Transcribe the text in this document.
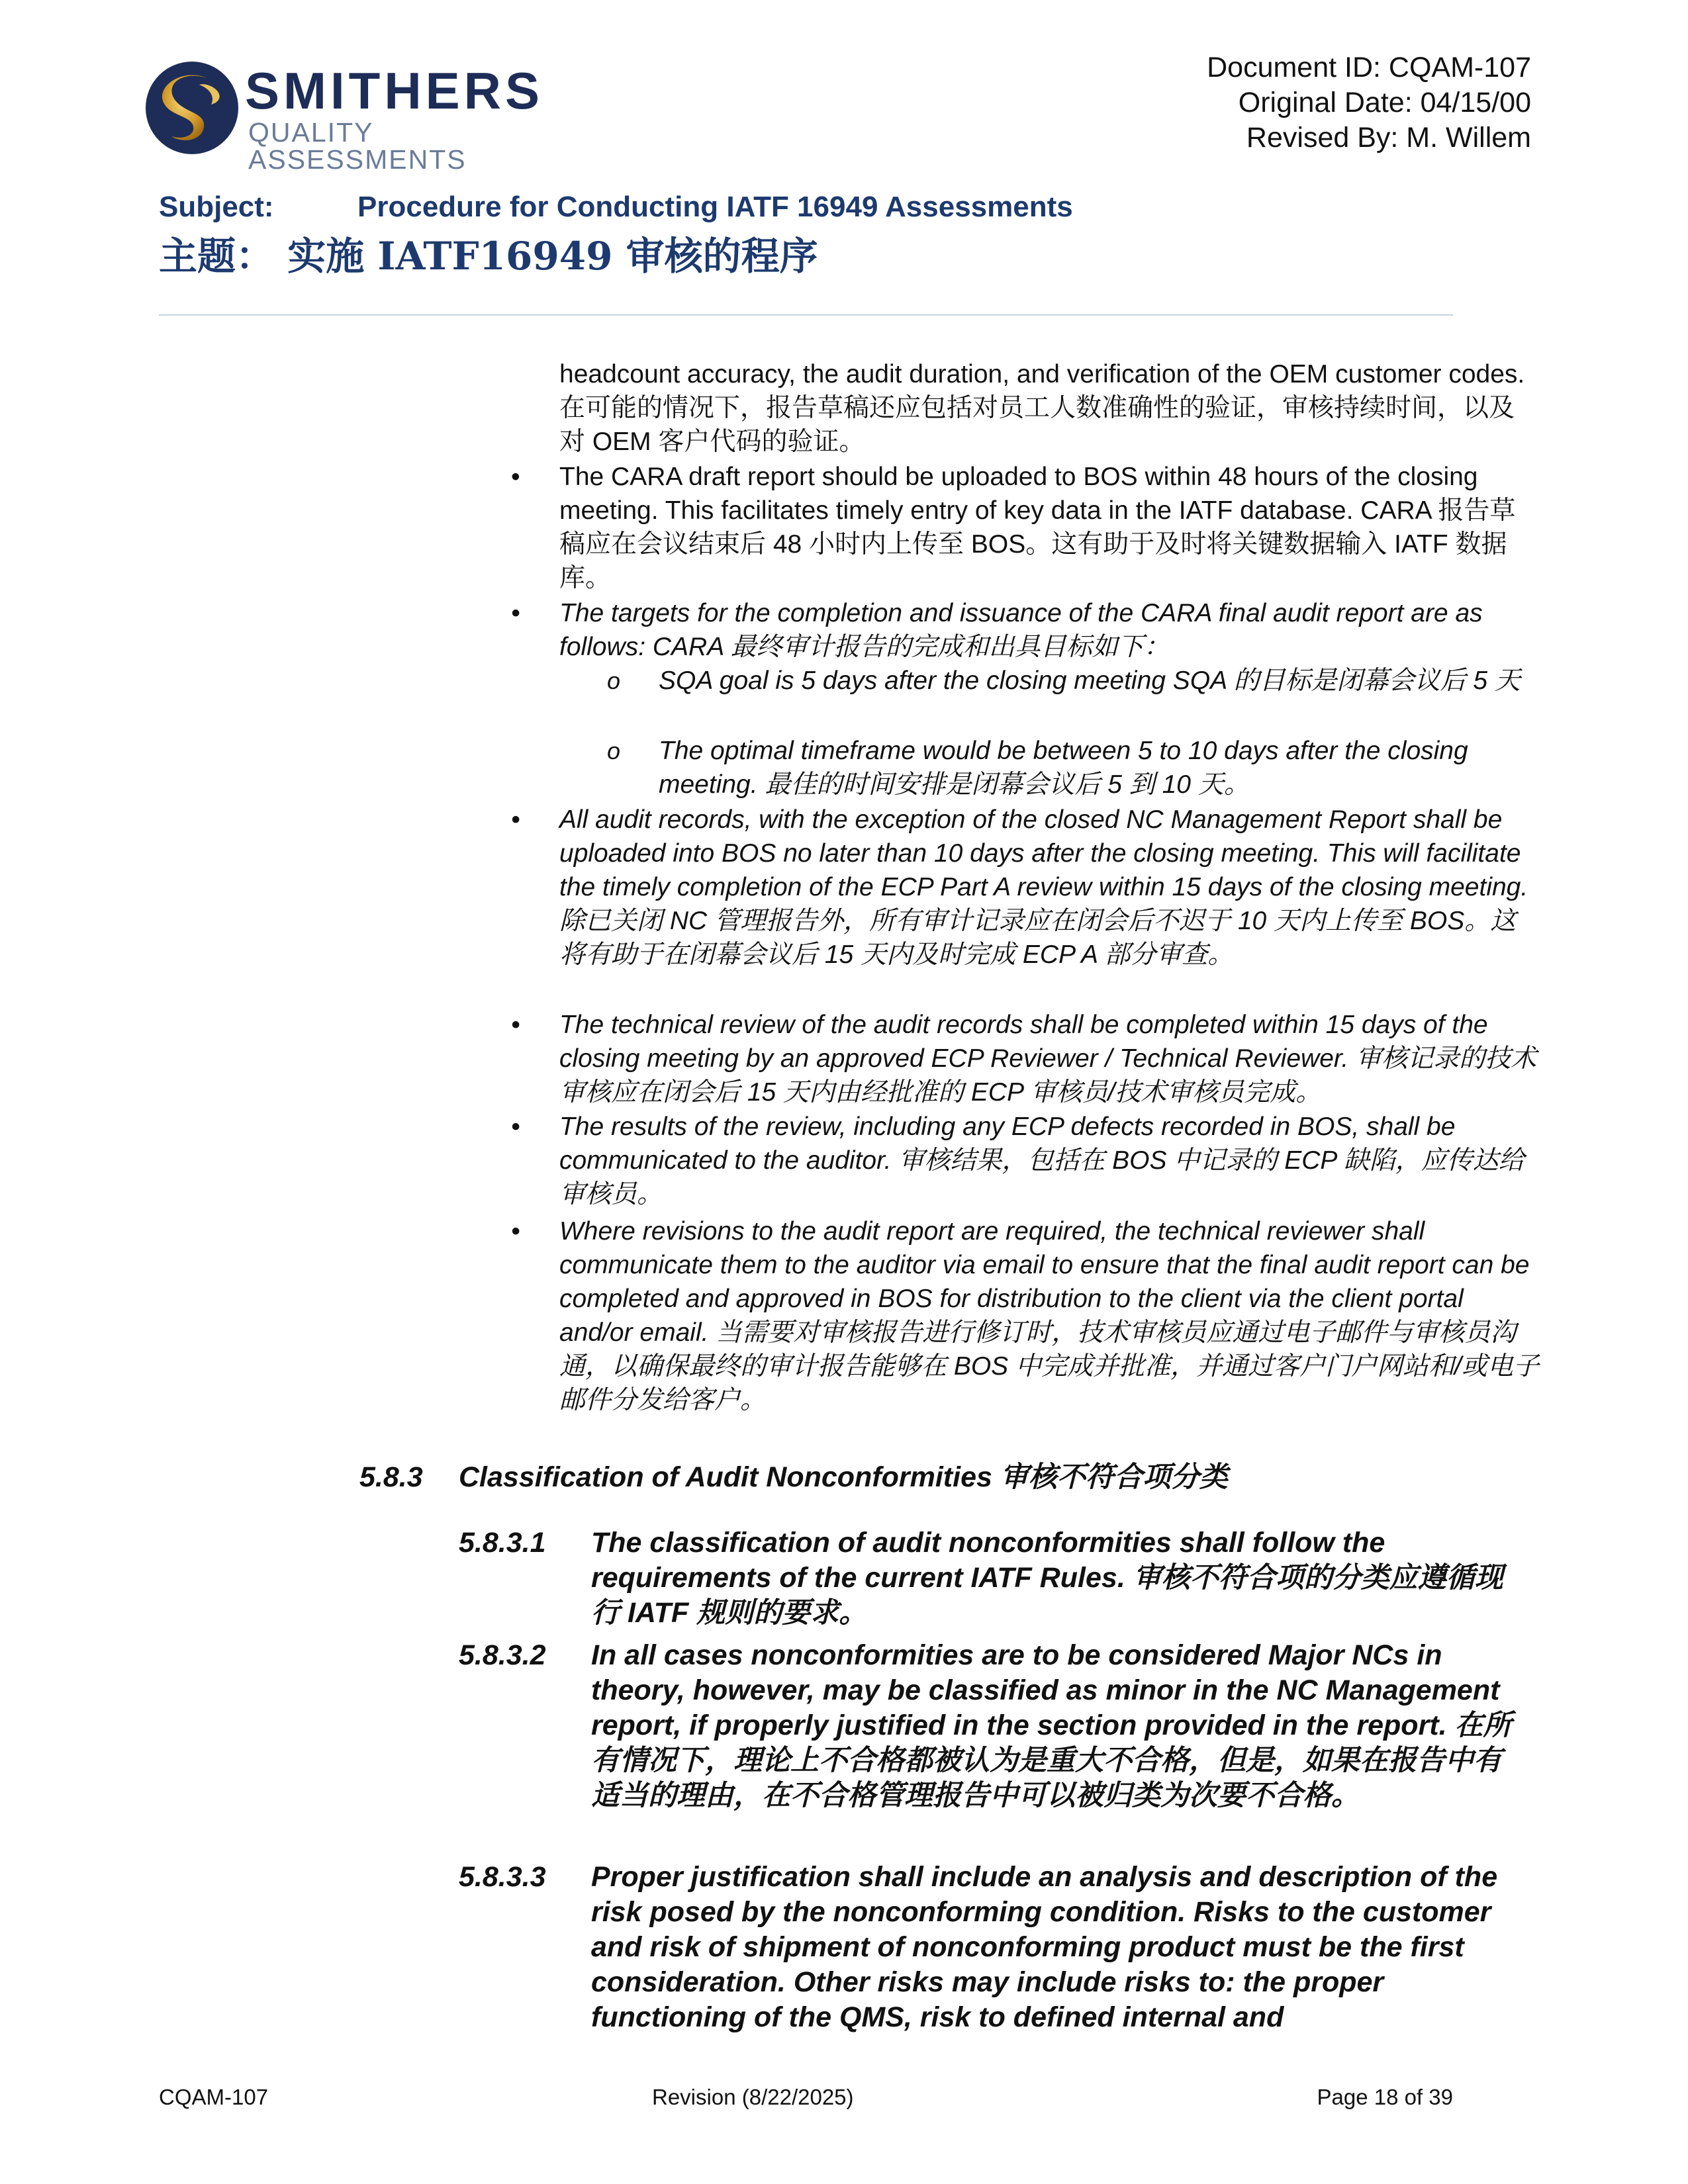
SMITHERS
QUALITY ASSESSMENTS
Document ID: CQAM-107
Original Date: 04/15/00
Revised By: M. Willem
Subject:	Procedure for Conducting IATF 16949 Assessments
主题： 实施 IATF16949 审核的程序
headcount accuracy, the audit duration, and verification of the OEM customer codes. 在可能的情况下，报告草稿还应包括对员工人数准确性的验证，审核持续时间，以及对 OEM 客户代码的验证。
• The CARA draft report should be uploaded to BOS within 48 hours of the closing meeting. This facilitates timely entry of key data in the IATF database. CARA 报告草稿应在会议结束后 48 小时内上传至 BOS。这有助于及时将关键数据输入 IATF 数据库。
• The targets for the completion and issuance of the CARA final audit report are as follows: CARA 最终审计报告的完成和出具目标如下：
o SQA goal is 5 days after the closing meeting SQA 的目标是闭幕会议后 5 天
o The optimal timeframe would be between 5 to 10 days after the closing meeting. 最佳的时间安排是闭幕会议后 5 到 10 天。
• All audit records, with the exception of the closed NC Management Report shall be uploaded into BOS no later than 10 days after the closing meeting. This will facilitate the timely completion of the ECP Part A review within 15 days of the closing meeting. 除已关闭 NC 管理报告外，所有审计记录应在闭会后不迟于 10 天内上传至 BOS。这将有助于在闭幕会议后 15 天内及时完成 ECP A 部分审查。
• The technical review of the audit records shall be completed within 15 days of the closing meeting by an approved ECP Reviewer / Technical Reviewer. 审核记录的技术审核应在闭会后 15 天内由经批准的 ECP 审核员/技术审核员完成。
• The results of the review, including any ECP defects recorded in BOS, shall be communicated to the auditor. 审核结果，包括在 BOS 中记录的 ECP 缺陷，应传达给审核员。
• Where revisions to the audit report are required, the technical reviewer shall communicate them to the auditor via email to ensure that the final audit report can be completed and approved in BOS for distribution to the client via the client portal and/or email. 当需要对审核报告进行修订时，技术审核员应通过电子邮件与审核员沟通，以确保最终的审计报告能够在 BOS 中完成并批准，并通过客户门户网站和/或电子邮件分发给客户。
5.8.3 Classification of Audit Nonconformities 审核不符合项分类
5.8.3.1	The classification of audit nonconformities shall follow the requirements of the current IATF Rules. 审核不符合项的分类应遵循现行 IATF 规则的要求。
5.8.3.2	In all cases nonconformities are to be considered Major NCs in theory, however, may be classified as minor in the NC Management report, if properly justified in the section provided in the report. 在所有情况下，理论上不合格都被认为是重大不合格，但是，如果在报告中有适当的理由，在不合格管理报告中可以被归类为次要不合格。
5.8.3.3	Proper justification shall include an analysis and description of the risk posed by the nonconforming condition. Risks to the customer and risk of shipment of nonconforming product must be the first consideration. Other risks may include risks to: the proper functioning of the QMS, risk to defined internal and
CQAM-107	Revision (8/22/2025)	Page 18 of 39
